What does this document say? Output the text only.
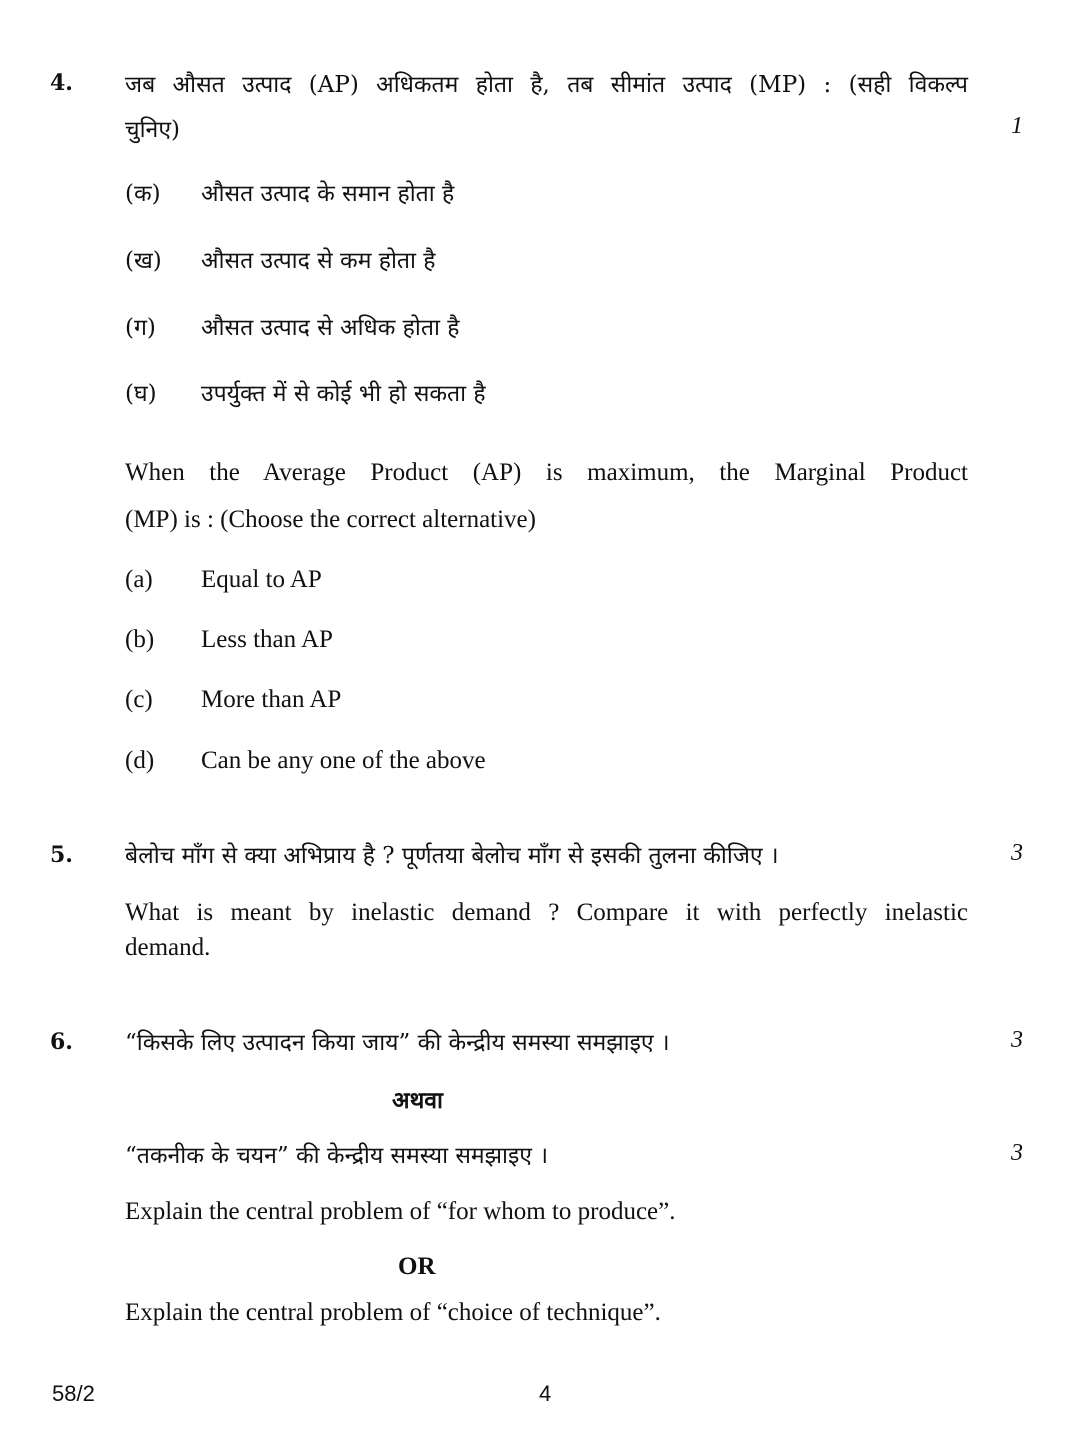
4. जब औसत उत्पाद (AP) अधिकतम होता है, तब सीमांत उत्पाद (MP) : (सही विकल्प
चुनिए)	1
(क)	औसत उत्पाद के समान होता है
(ख)	औसत उत्पाद से कम होता है
(ग)	औसत उत्पाद से अधिक होता है
(घ)	उपर्युक्त में से कोई भी हो सकता है
When the Average Product (AP) is maximum, the Marginal Product
(MP) is : (Choose the correct alternative)
(a)	Equal to AP
(b)	Less than AP
(c)	More than AP
(d)	Can be any one of the above
5. बेलोच माँग से क्या अभिप्राय है ? पूर्णतया बेलोच माँग से इसकी तुलना कीजिए ।	3
What is meant by inelastic demand ? Compare it with perfectly inelastic
demand.
6. “किसके लिए उत्पादन किया जाय” की केन्द्रीय समस्या समझाइए ।	3
अथवा
“तकनीक के चयन” की केन्द्रीय समस्या समझाइए ।	3
Explain the central problem of “for whom to produce”.
OR
Explain the central problem of “choice of technique”.
58/2	4
